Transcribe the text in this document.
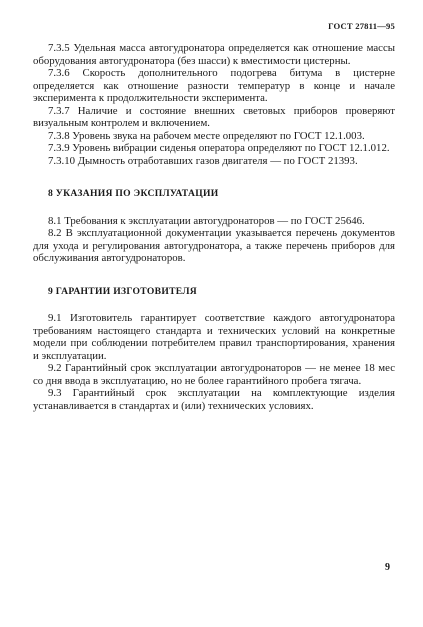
ГОСТ 27811—95

7.3.5 Удельная масса автогудронатора определяется как отношение массы оборудования автогудронатора (без шасси) к вместимости цистерны.

7.3.6 Скорость дополнительного подогрева битума в цистерне определяется как отношение разности температур в конце и начале эксперимента к продолжительности эксперимента.

7.3.7 Наличие и состояние внешних световых приборов проверяют визуальным контролем и включением.

7.3.8 Уровень звука на рабочем месте определяют по ГОСТ 12.1.003.

7.3.9 Уровень вибрации сиденья оператора определяют по ГОСТ 12.1.012.

7.3.10 Дымность отработавших газов двигателя — по ГОСТ 21393.

8 УКАЗАНИЯ ПО ЭКСПЛУАТАЦИИ

8.1 Требования к эксплуатации автогудронаторов — по ГОСТ 25646.

8.2 В эксплуатационной документации указывается перечень документов для ухода и регулирования автогудронатора, а также перечень приборов для обслуживания автогудронаторов.

9 ГАРАНТИИ ИЗГОТОВИТЕЛЯ

9.1 Изготовитель гарантирует соответствие каждого автогудронатора требованиям настоящего стандарта и технических условий на конкретные модели при соблюдении потребителем правил транспортирования, хранения и эксплуатации.

9.2 Гарантийный срок эксплуатации автогудронаторов — не менее 18 мес со дня ввода в эксплуатацию, но не более гарантийного пробега тягача.

9.3 Гарантийный срок эксплуатации на комплектующие изделия устанавливается в стандартах и (или) технических условиях.

9
